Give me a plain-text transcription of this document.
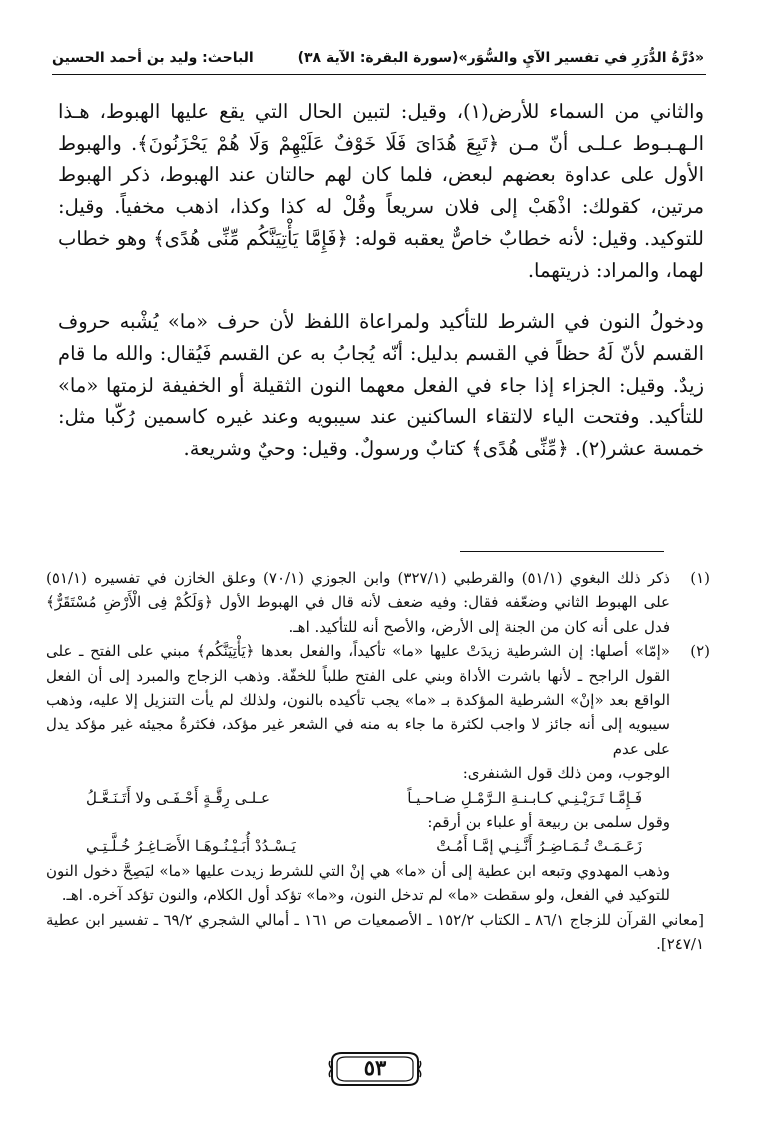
«دُرَّةُ الدُّرَرِ في تفسير الآيِ والسُّوَر»
(سورة البقرة: الآية ٣٨)
الباحث: وليد بن أحمد الحسين

والثاني من السماء للأرض(١)، وقيل: لتبين الحال التي يقع عليها الهبوط، هـذا الـهـبـوط عـلـى أنّ مـن ﴿تَبِعَ هُدَاىَ فَلَا خَوْفٌ عَلَيْهِمْ وَلَا هُمْ يَحْزَنُونَ﴾. والهبوط الأول على عداوة بعضهم لبعض، فلما كان لهم حالتان عند الهبوط، ذكر الهبوط مرتين، كقولك: اذْهَبْ إلى فلان سريعاً وقُلْ له كذا وكذا، اذهب مخفياً. وقيل: للتوكيد. وقيل: لأنه خطابٌ خاصٌّ يعقبه قوله: ﴿فَإِمَّا يَأْتِيَنَّكُم مِّنِّى هُدًى﴾ وهو خطاب لهما، والمراد: ذريتهما.

ودخولُ النون في الشرط للتأكيد ولمراعاة اللفظ لأن حرف «ما» يُشْبه حروف القسم لأنّ لَهُ حظاً في القسم بدليل: أنّه يُجابُ به عن القسم فَيُقال: والله ما قام زيدٌ. وقيل: الجزاء إذا جاء في الفعل معهما النون الثقيلة أو الخفيفة لزمتها «ما» للتأكيد. وفتحت الياء لالتقاء الساكنين عند سيبويه وعند غيره كاسمين رُكّبا مثل: خمسة عشر(٢). ﴿مِّنِّى هُدًى﴾ كتابٌ ورسولٌ. وقيل: وحيٌ وشريعة.

(١)
ذكر ذلك البغوي (٥١/١) والقرطبي (٣٢٧/١) وابن الجوزي (٧٠/١) وعلق الخازن في تفسيره (٥١/١) على الهبوط الثاني وضعّفه فقال: وفيه ضعف لأنه قال في الهبوط الأول ﴿وَلَكُمْ فِى الْأَرْضِ مُسْتَقَرٌّ﴾ فدل على أنه كان من الجنة إلى الأرض، والأصح أنه للتأكيد. اهـ.
(٢)
«إمّا» أصلها: إن الشرطية زيدَتْ عليها «ما» تأكيداً، والفعل بعدها ﴿يَأْتِيَنَّكُم﴾ مبني على الفتح ـ على القول الراجح ـ لأنها باشرت الأداة وبني على الفتح طلباً للخفّة. وذهب الزجاج والمبرد إلى أن الفعل الواقع بعد «إنْ» الشرطية المؤكدة بـ «ما» يجب تأكيده بالنون، ولذلك لم يأت التنزيل إلا عليه، وذهب سيبويه إلى أنه جائز لا واجب لكثرة ما جاء به منه في الشعر غير مؤكد، فكثرةُ مجيئه غير مؤكد يدل على عدم
الوجوب، ومن ذلك قول الشنفرى:
فَـإِمَّـا تَـرَيْـنِـي كـابـنـةِ الـرَّمْـلِ ضـاحـيـاً
عـلـى رِقَّـةٍ أَحْـفَـى ولا أَتَـنَـعَّـلُ
وقول سلمى بن ربيعة أو علباء بن أرقم:
زَعَـمَـتْ تُـمَـاضِـرُ أَنَّـنِـي إمَّـا أَمُـتْ
يَـسْـدُدْ أُبَـيْـنُـوهَـا الأَصَـاغِـرُ خُـلَّـتِـي
وذهب المهدوي وتبعه ابن عطية إلى أن «ما» هي إنْ التي للشرط زيدت عليها «ما» ليَصِحَّ دخول النون للتوكيد في الفعل، ولو سقطت «ما» لم تدخل النون، و«ما» تؤكد أول الكلام، والنون تؤكد آخره. اهـ.

[معاني القرآن للزجاج ٨٦/١ ـ الكتاب ١٥٢/٢ ـ الأصمعيات ص ١٦١ ـ أمالي الشجري ٦٩/٢ ـ تفسير ابن عطية ٢٤٧/١].

٥٣
